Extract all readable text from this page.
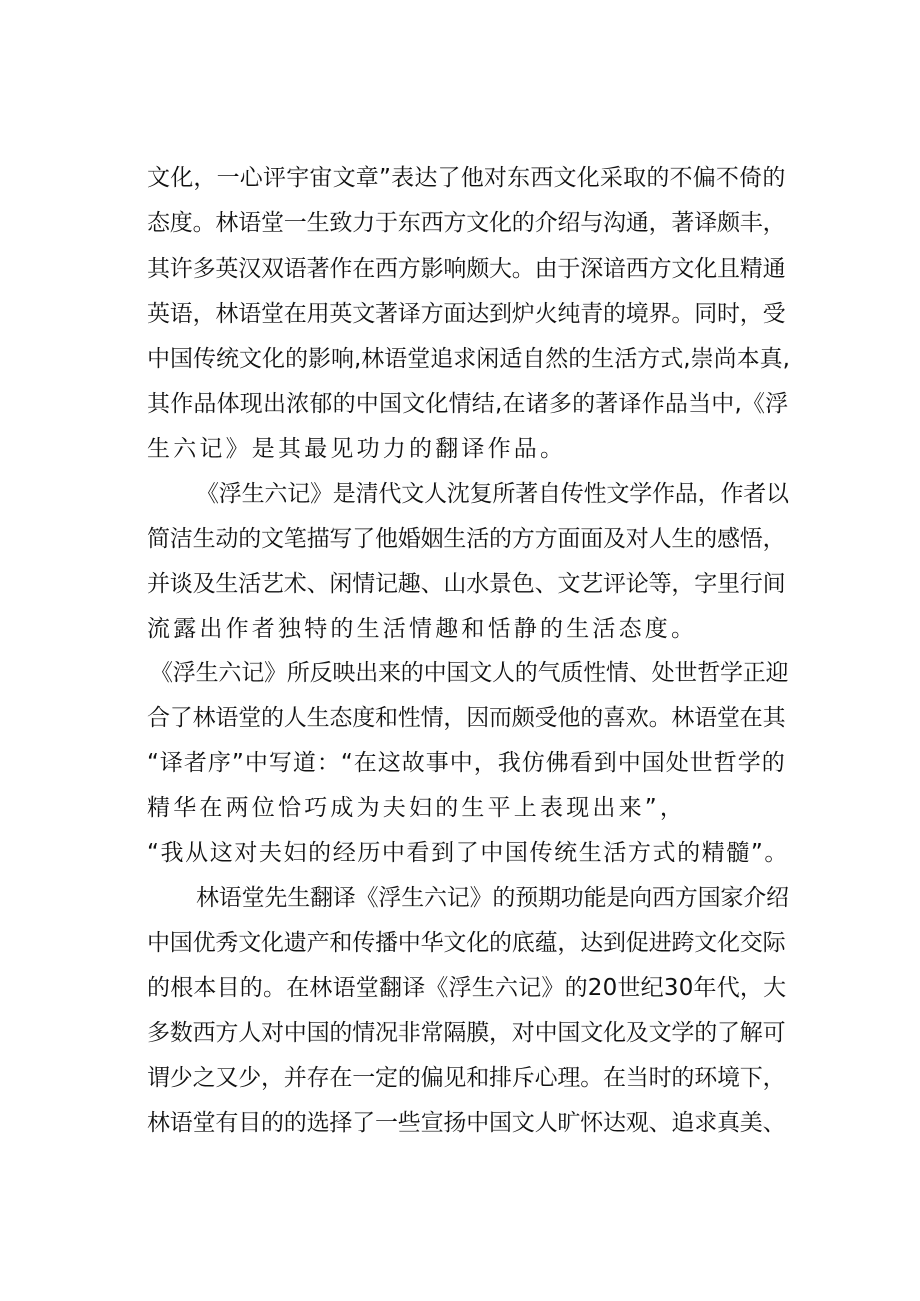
文化，一心评宇宙文章”表达了他对东西文化采取的不偏不倚的
态度。林语堂一生致力于东西方文化的介绍与沟通，著译颇丰，
其许多英汉双语著作在西方影响颇大。由于深谙西方文化且精通
英语，林语堂在用英文著译方面达到炉火纯青的境界。同时，受
中国传统文化的影响,林语堂追求闲适自然的生活方式,崇尚本真,
其作品体现出浓郁的中国文化情结,在诸多的著译作品当中,《浮
生六记》是其最见功力的翻译作品。
《浮生六记》是清代文人沈复所著自传性文学作品，作者以
简洁生动的文笔描写了他婚姻生活的方方面面及对人生的感悟，
并谈及生活艺术、闲情记趣、山水景色、文艺评论等，字里行间
流露出作者独特的生活情趣和恬静的生活态度。
《浮生六记》所反映出来的中国文人的气质性情、处世哲学正迎
合了林语堂的人生态度和性情，因而颇受他的喜欢。林语堂在其
“译者序”中写道：“在这故事中，我仿佛看到中国处世哲学的
精华在两位恰巧成为夫妇的生平上表现出来”，
“我从这对夫妇的经历中看到了中国传统生活方式的精髓”。
林语堂先生翻译《浮生六记》的预期功能是向西方国家介绍
中国优秀文化遗产和传播中华文化的底蕴，达到促进跨文化交际
的根本目的。在林语堂翻译《浮生六记》的20世纪30年代，大
多数西方人对中国的情况非常隔膜，对中国文化及文学的了解可
谓少之又少，并存在一定的偏见和排斥心理。在当时的环境下，
林语堂有目的的选择了一些宣扬中国文人旷怀达观、追求真美、
